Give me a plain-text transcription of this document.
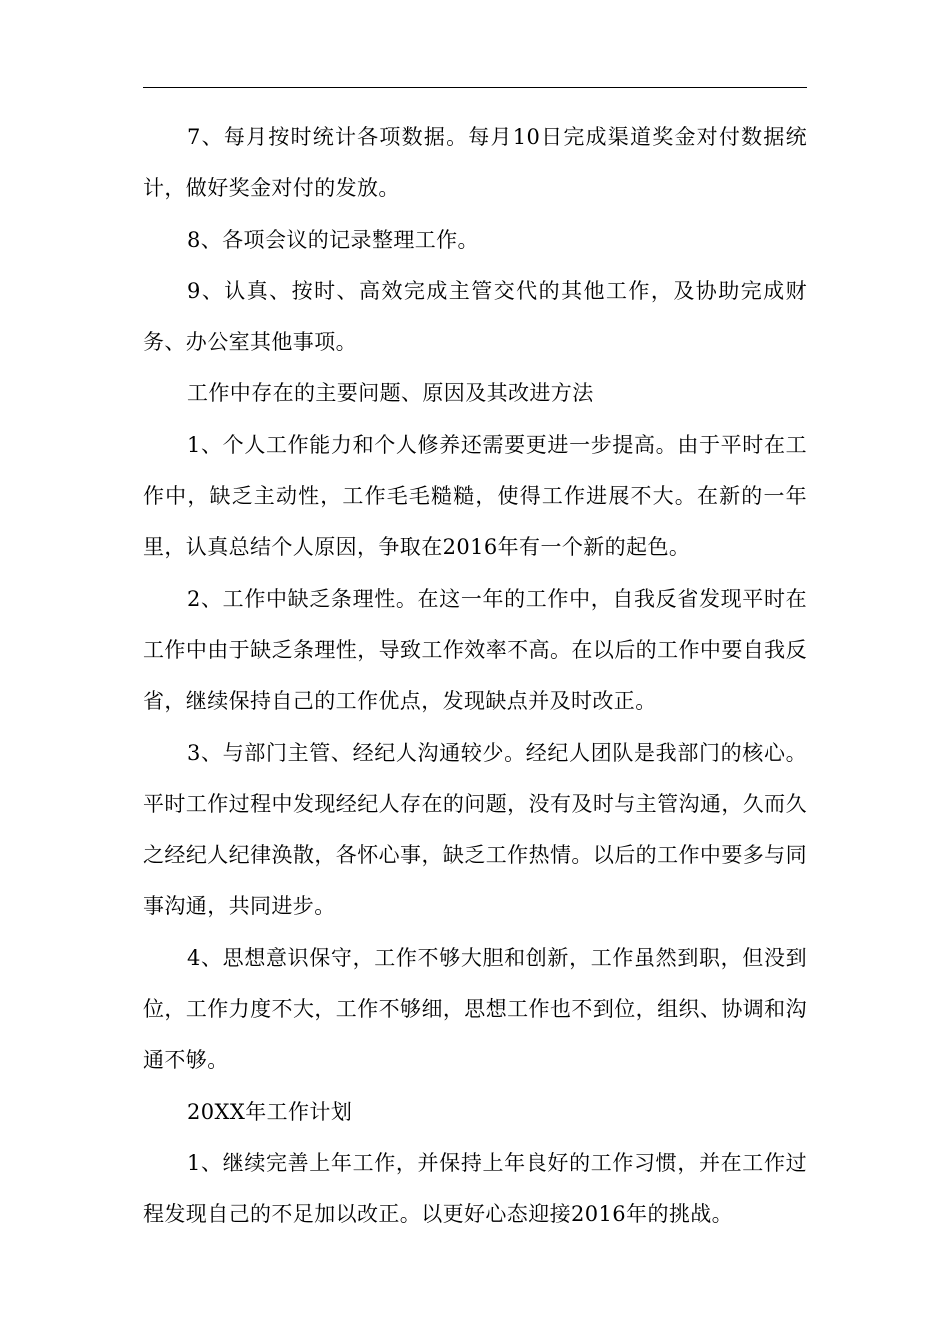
7、每月按时统计各项数据。每月10日完成渠道奖金对付数据统计，做好奖金对付的发放。

8、各项会议的记录整理工作。

9、认真、按时、高效完成主管交代的其他工作，及协助完成财务、办公室其他事项。

工作中存在的主要问题、原因及其改进方法

1、个人工作能力和个人修养还需要更进一步提高。由于平时在工作中，缺乏主动性，工作毛毛糙糙，使得工作进展不大。在新的一年里，认真总结个人原因，争取在2016年有一个新的起色。

2、工作中缺乏条理性。在这一年的工作中，自我反省发现平时在工作中由于缺乏条理性，导致工作效率不高。在以后的工作中要自我反省，继续保持自己的工作优点，发现缺点并及时改正。

3、与部门主管、经纪人沟通较少。经纪人团队是我部门的核心。平时工作过程中发现经纪人存在的问题，没有及时与主管沟通，久而久之经纪人纪律涣散，各怀心事，缺乏工作热情。以后的工作中要多与同事沟通，共同进步。

4、思想意识保守，工作不够大胆和创新，工作虽然到职，但没到位，工作力度不大，工作不够细，思想工作也不到位，组织、协调和沟通不够。

20XX年工作计划

1、继续完善上年工作，并保持上年良好的工作习惯，并在工作过程发现自己的不足加以改正。以更好心态迎接2016年的挑战。
